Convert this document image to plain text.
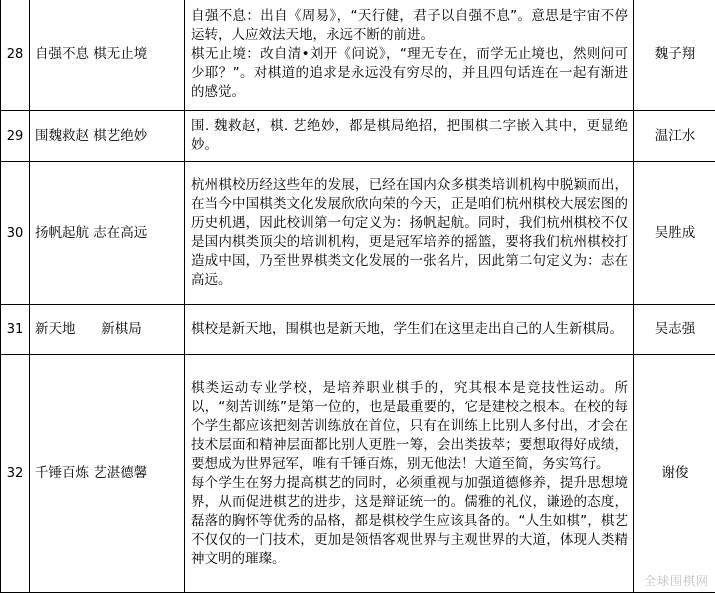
28	自强不息 棋无止境	自强不息：出自《周易》，“天行健，君子以自强不息”。意思是宇宙不停运转，人应效法天地，永远不断的前进。
棋无止境：改自清•刘开《问说》，“理无专在，而学无止境也，然则问可少耶？”。对棋道的追求是永远没有穷尽的，并且四句话连在一起有渐进的感觉。	魏子翔
29	围魏救赵 棋艺绝妙	围. 魏救赵，棋. 艺绝妙，都是棋局绝招，把围棋二字嵌入其中，更显绝妙。	温江水
30	扬帆起航 志在高远	杭州棋校历经这些年的发展，已经在国内众多棋类培训机构中脱颖而出，在当今中国棋类文化发展欣欣向荣的今天，正是咱们杭州棋校大展宏图的历史机遇，因此校训第一句定义为：扬帆起航。同时，我们杭州棋校不仅是国内棋类顶尖的培训机构，更是冠军培养的摇篮，要将我们杭州棋校打造成中国，乃至世界棋类文化发展的一张名片，因此第二句定义为：志在高远。	吴胜成
31	新天地      新棋局	棋校是新天地，围棋也是新天地，学生们在这里走出自己的人生新棋局。	吴志强
32	千锤百炼 艺湛德馨	棋类运动专业学校，是培养职业棋手的，究其根本是竞技性运动。所以，“刻苦训练”是第一位的，也是最重要的，它是建校之根本。在校的每个学生都应该把刻苦训练放在首位，只有在训练上比别人多付出，才会在技术层面和精神层面都比别人更胜一筹，会出类拔萃；要想取得好成绩，要想成为世界冠军，唯有千锤百炼，别无他法！大道至简，务实笃行。
每个学生在努力提高棋艺的同时，必须重视与加强道德修养，提升思想境界，从而促进棋艺的进步，这是辩证统一的。儒雅的礼仪，谦逊的态度，磊落的胸怀等优秀的品格，都是棋校学生应该具备的。“人生如棋”，棋艺不仅仅的一门技术，更加是领悟客观世界与主观世界的大道，体现人类精神文明的璀璨。	谢俊
全球围棋网
